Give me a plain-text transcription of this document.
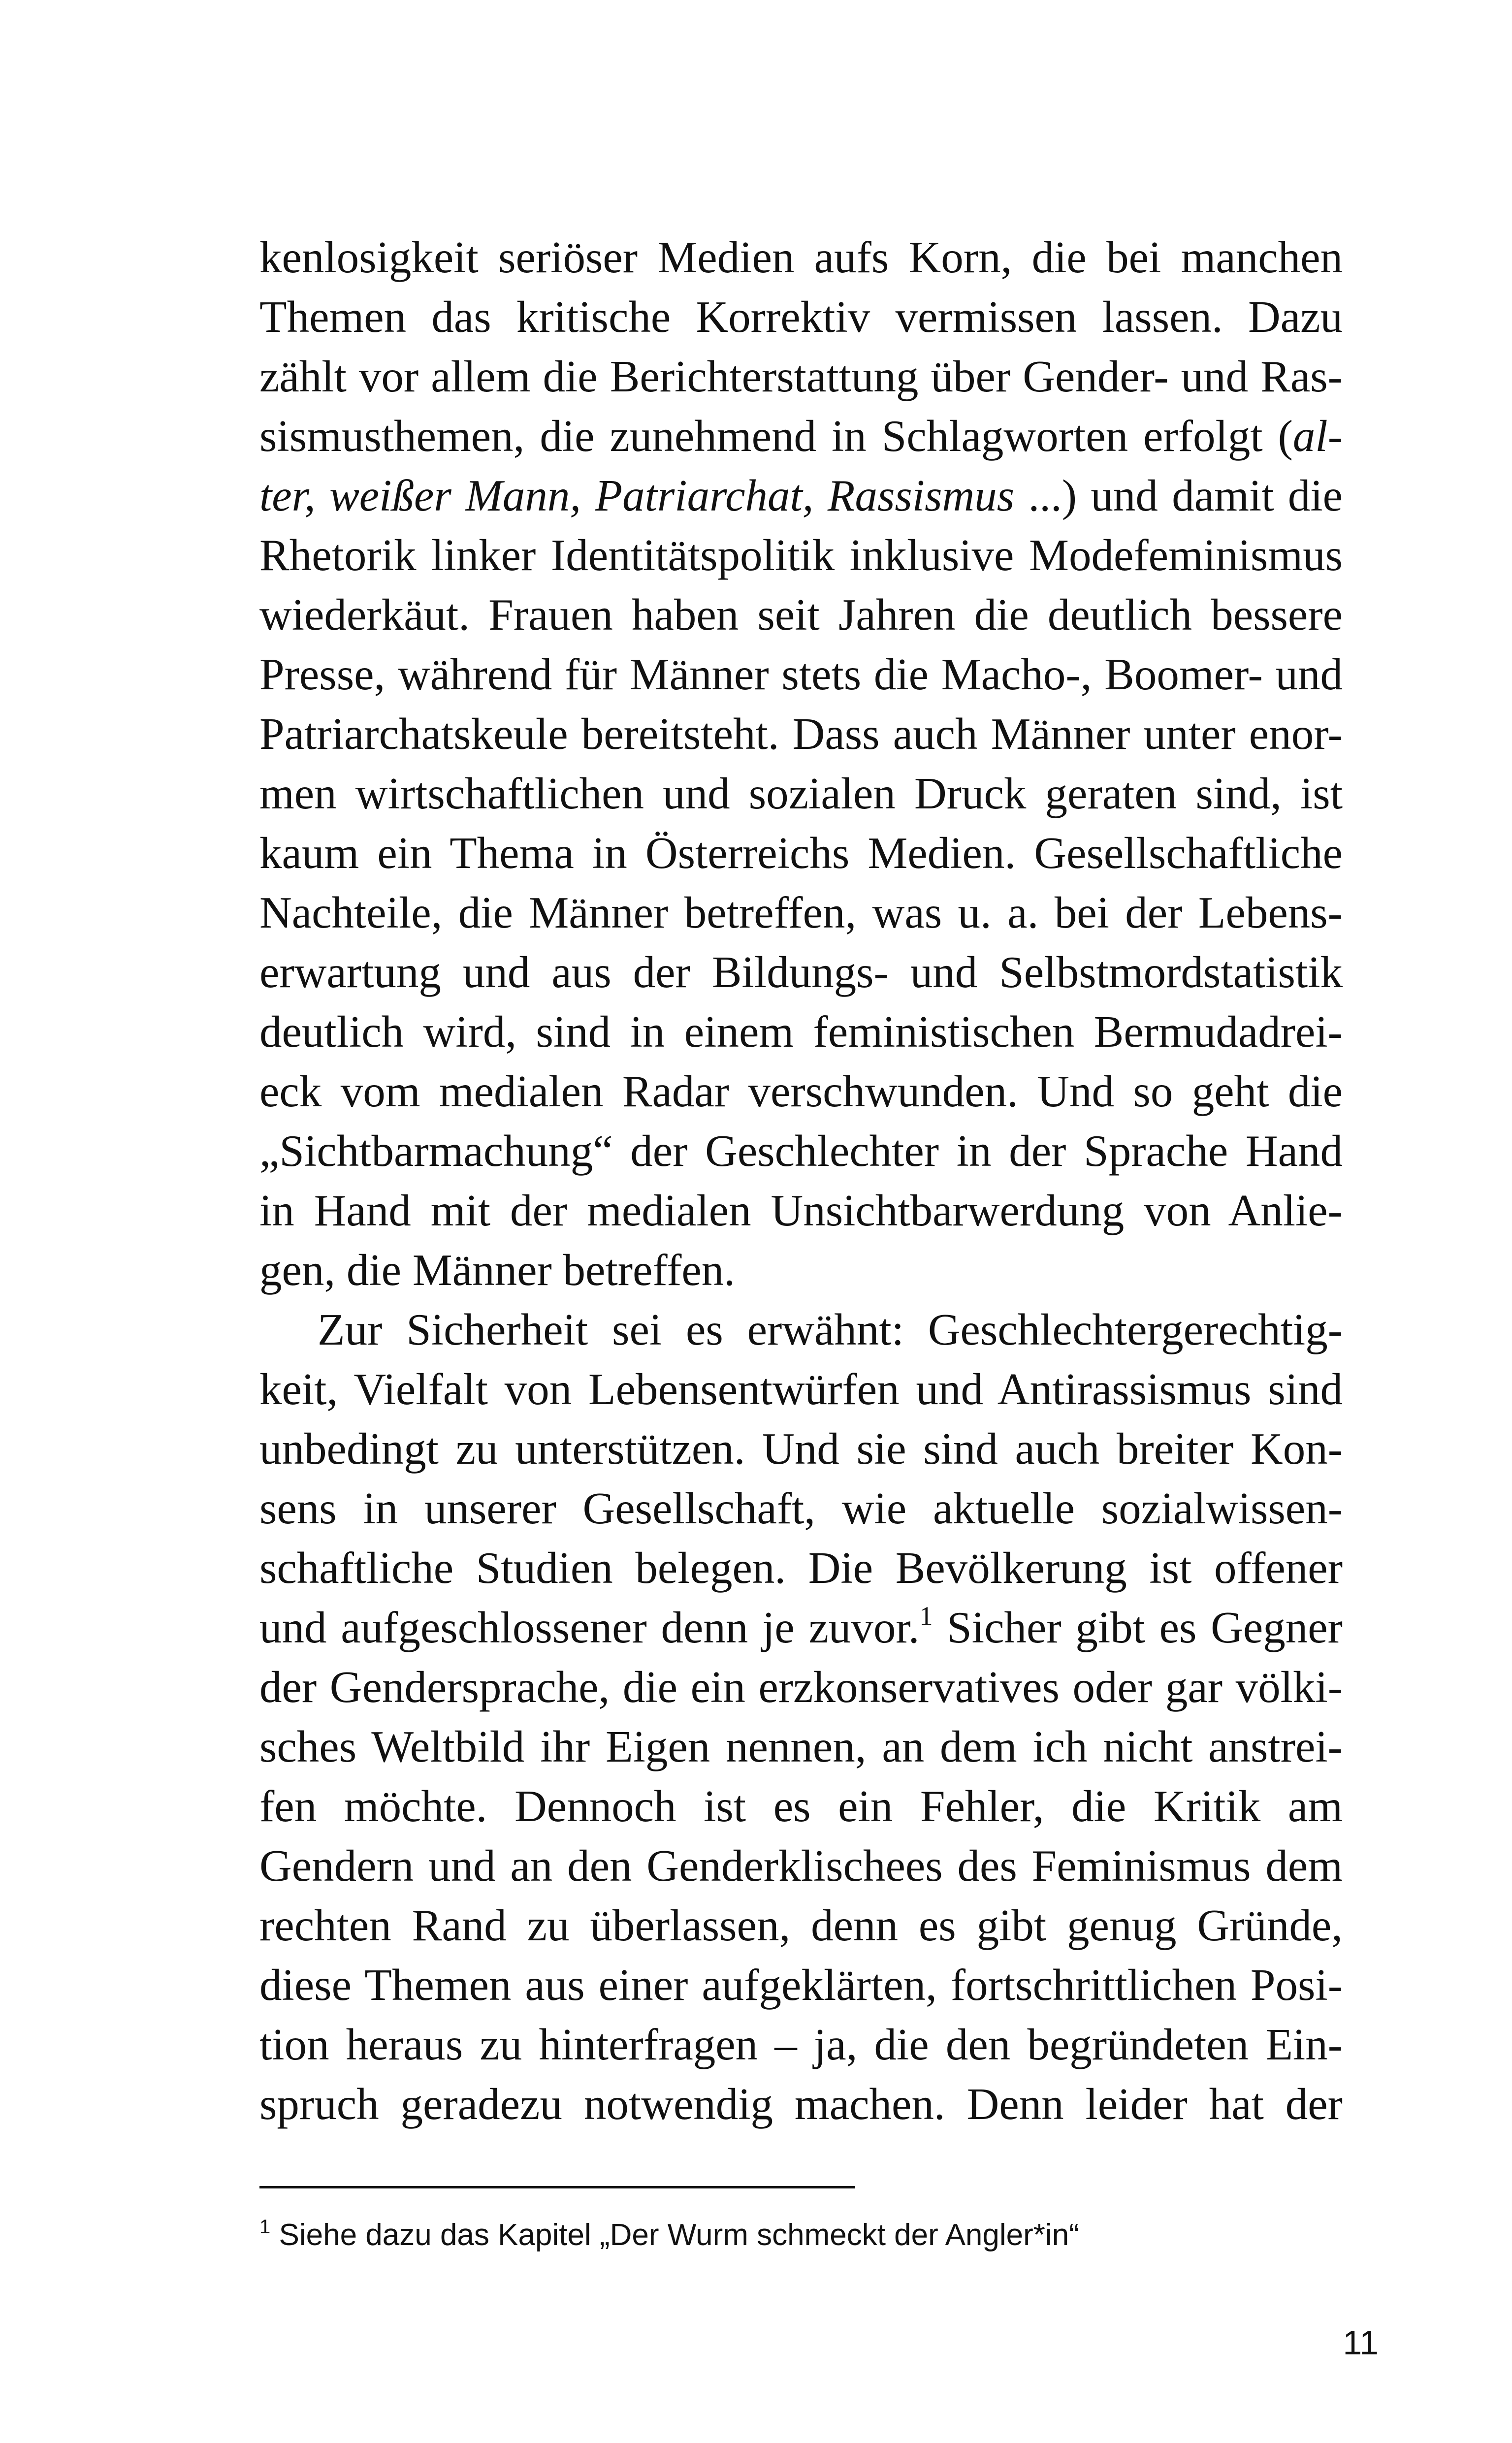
kenlosigkeit seriöser Medien aufs Korn, die bei manchen
Themen das kritische Korrektiv vermissen lassen. Dazu
zählt vor allem die Berichterstattung über Gender- und Ras-
sismusthemen, die zunehmend in Schlagworten erfolgt (al-
ter, weißer Mann, Patriarchat, Rassismus ...) und damit die
Rhetorik linker Identitätspolitik inklusive Modefeminismus
wiederkäut. Frauen haben seit Jahren die deutlich bessere
Presse, während für Männer stets die Macho-, Boomer- und
Patriarchatskeule bereitsteht. Dass auch Männer unter enor-
men wirtschaftlichen und sozialen Druck geraten sind, ist
kaum ein Thema in Österreichs Medien. Gesellschaftliche
Nachteile, die Männer betreffen, was u. a. bei der Lebens-
erwartung und aus der Bildungs- und Selbstmordstatistik
deutlich wird, sind in einem feministischen Bermudadrei-
eck vom medialen Radar verschwunden. Und so geht die
„Sichtbarmachung“ der Geschlechter in der Sprache Hand
in Hand mit der medialen Unsichtbarwerdung von Anlie-
gen, die Männer betreffen.
Zur Sicherheit sei es erwähnt: Geschlechtergerechtig-
keit, Vielfalt von Lebensentwürfen und Antirassismus sind
unbedingt zu unterstützen. Und sie sind auch breiter Kon-
sens in unserer Gesellschaft, wie aktuelle sozialwissen-
schaftliche Studien belegen. Die Bevölkerung ist offener
und aufgeschlossener denn je zuvor.$^1$ Sicher gibt es Gegner
der Gendersprache, die ein erzkonservatives oder gar völki-
sches Weltbild ihr Eigen nennen, an dem ich nicht anstrei-
fen möchte. Dennoch ist es ein Fehler, die Kritik am
Gendern und an den Genderklischees des Feminismus dem
rechten Rand zu überlassen, denn es gibt genug Gründe,
diese Themen aus einer aufgeklärten, fortschrittlichen Posi-
tion heraus zu hinterfragen – ja, die den begründeten Ein-
spruch geradezu notwendig machen. Denn leider hat der
$^1$ Siehe dazu das Kapitel „Der Wurm schmeckt der Angler*in“
11
